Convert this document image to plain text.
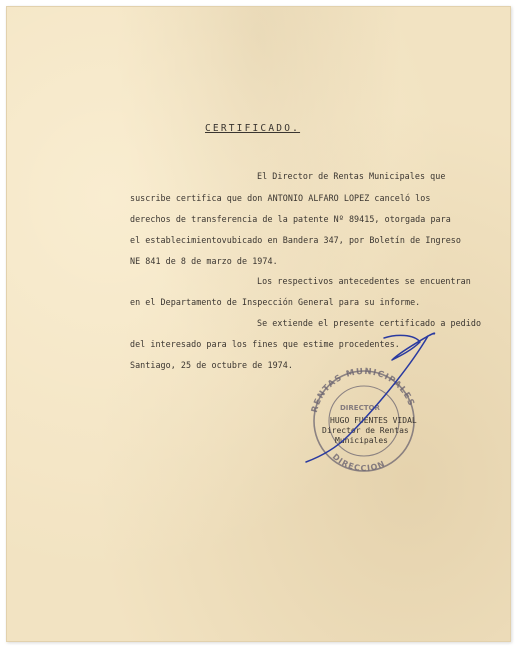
CERTIFICADO.
El Director de Rentas Municipales que
suscribe certifica que don ANTONIO ALFARO LOPEZ canceló los
derechos de transferencia de la patente Nº 89415, otorgada para
el establecimientovubicado en Bandera 347, por Boletín de Ingreso
NE 841 de 8 de marzo de 1974.
Los respectivos antecedentes se encuentran
en el Departamento de Inspección General para su informe.
Se extiende el presente certificado a pedido
del interesado para los fines que estime procedentes.
Santiago, 25 de octubre de 1974.
RENTAS MUNICIPALES
DIRECCION
DIRECTOR
HUGO FUENTES VIDAL
Director de Rentas
Municipales
